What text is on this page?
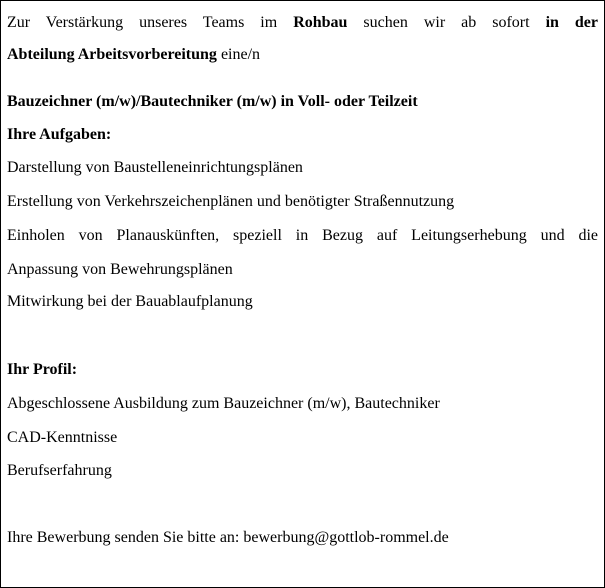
Zur Verstärkung unseres Teams im Rohbau suchen wir ab sofort in der
Abteilung Arbeitsvorbereitung eine/n
Bauzeichner (m/w)/Bautechniker (m/w) in Voll- oder Teilzeit
Ihre Aufgaben:
Darstellung von Baustelleneinrichtungsplänen
Erstellung von Verkehrszeichenplänen und benötigter Straßennutzung
Einholen von Planauskünften, speziell in Bezug auf Leitungserhebung und die
Anpassung von Bewehrungsplänen
Mitwirkung bei der Bauablaufplanung
Ihr Profil:
Abgeschlossene Ausbildung zum Bauzeichner (m/w), Bautechniker
CAD-Kenntnisse
Berufserfahrung
Ihre Bewerbung senden Sie bitte an: bewerbung@gottlob-rommel.de
